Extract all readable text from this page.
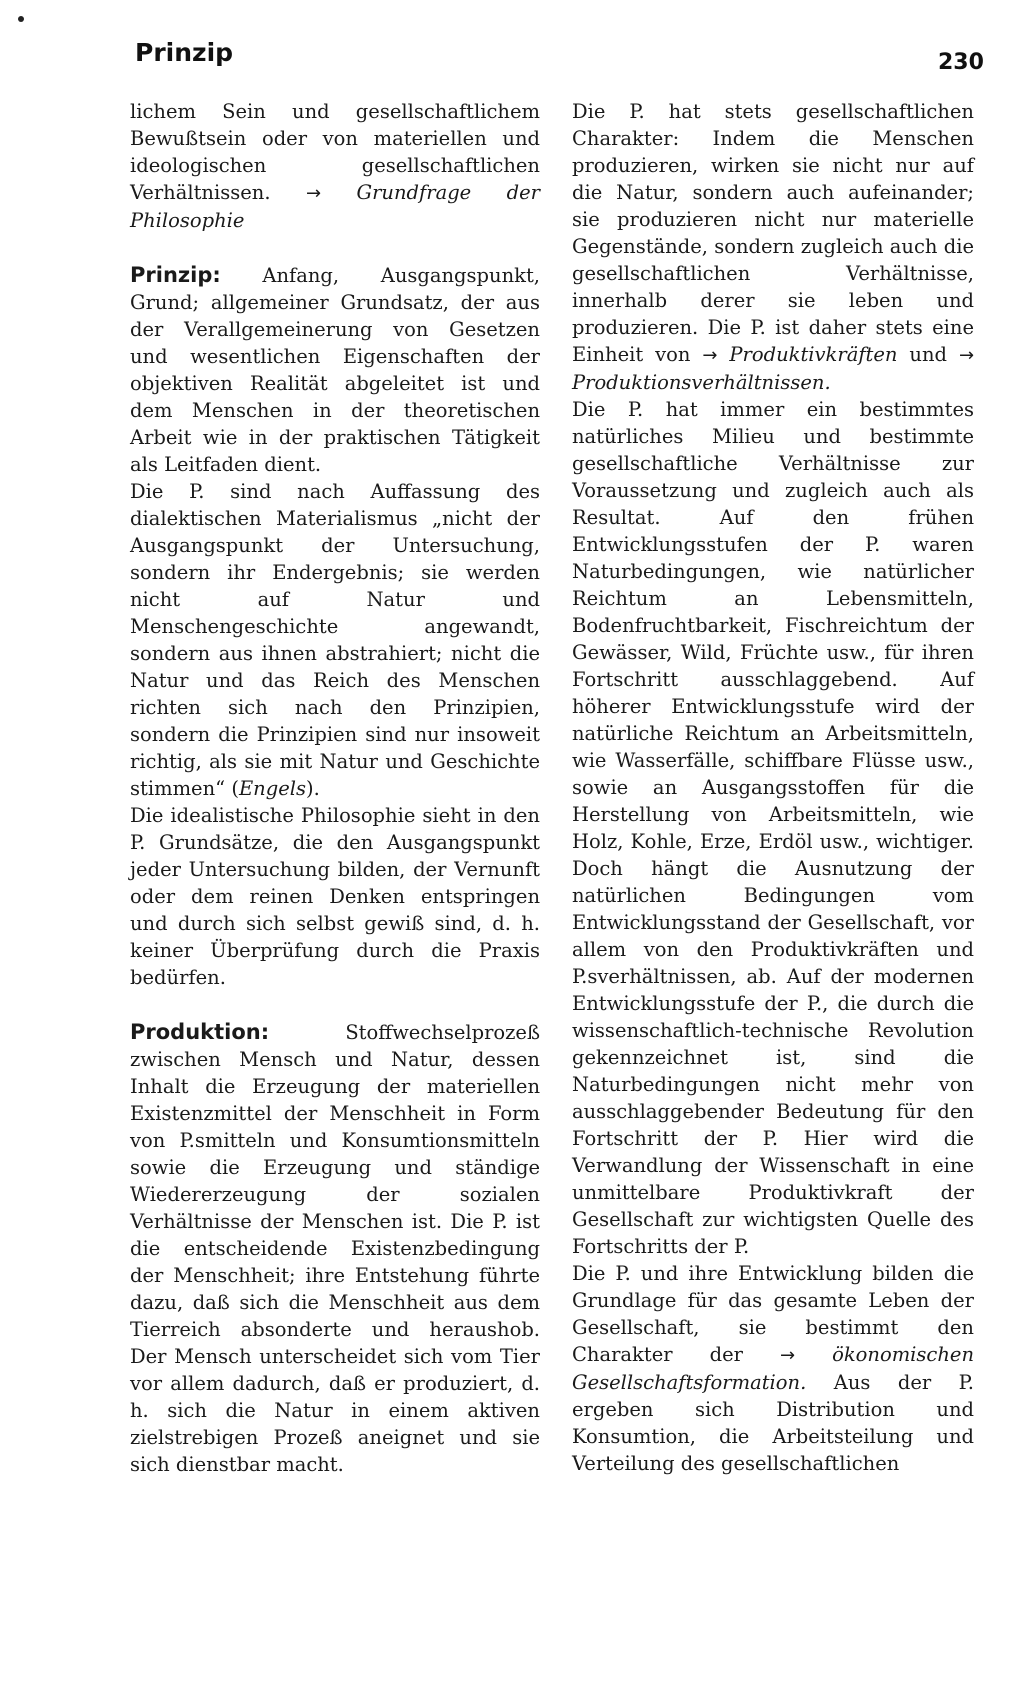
Prinzip	230

lichem Sein und gesellschaftlichem Bewußtsein oder von materiellen und ideologischen gesellschaftlichen Verhältnissen. → Grundfrage der Philosophie

Prinzip: Anfang, Ausgangspunkt, Grund; allgemeiner Grundsatz, der aus der Verallgemeinerung von Gesetzen und wesentlichen Eigenschaften der objektiven Realität abgeleitet ist und dem Menschen in der theoretischen Arbeit wie in der praktischen Tätigkeit als Leitfaden dient.

Die P. sind nach Auffassung des dialektischen Materialismus „nicht der Ausgangspunkt der Untersuchung, sondern ihr Endergebnis; sie werden nicht auf Natur und Menschengeschichte angewandt, sondern aus ihnen abstrahiert; nicht die Natur und das Reich des Menschen richten sich nach den Prinzipien, sondern die Prinzipien sind nur insoweit richtig, als sie mit Natur und Geschichte stimmen“ (Engels).

Die idealistische Philosophie sieht in den P. Grundsätze, die den Ausgangspunkt jeder Untersuchung bilden, der Vernunft oder dem reinen Denken entspringen und durch sich selbst gewiß sind, d. h. keiner Überprüfung durch die Praxis bedürfen.

Produktion:	Stoffwechselprozeß zwischen Mensch und Natur, dessen Inhalt die Erzeugung der materiellen Existenzmittel der Menschheit in Form von P.smitteln und Konsumtionsmitteln sowie die Erzeugung und ständige Wiedererzeugung der sozialen Verhältnisse der Menschen ist. Die P. ist die entscheidende Existenzbedingung der Menschheit; ihre Entstehung führte dazu, daß sich die Menschheit aus dem Tierreich absonderte und heraushob. Der Mensch unterscheidet sich vom Tier vor allem dadurch, daß er produziert, d. h. sich die Natur in einem aktiven zielstrebigen Prozeß aneignet und sie sich dienstbar macht.

Die P. hat stets gesellschaftlichen Charakter: Indem die Menschen produzieren, wirken sie nicht nur auf die Natur, sondern auch aufeinander; sie produzieren nicht nur materielle Gegenstände, sondern zugleich auch die gesellschaftlichen Verhältnisse, innerhalb derer sie leben und produzieren. Die P. ist daher stets eine Einheit von → Produktivkräften und → Produktionsverhältnissen.

Die P. hat immer ein bestimmtes natürliches Milieu und bestimmte gesellschaftliche Verhältnisse zur Voraussetzung und zugleich auch als Resultat. Auf den frühen Entwicklungsstufen der P. waren Naturbedingungen, wie natürlicher Reichtum an Lebensmitteln, Bodenfruchtbarkeit, Fischreichtum der Gewässer, Wild, Früchte usw., für ihren Fortschritt ausschlaggebend. Auf höherer Entwicklungsstufe wird der natürliche Reichtum an Arbeitsmitteln, wie Wasserfälle, schiffbare Flüsse usw., sowie an Ausgangsstoffen für die Herstellung von Arbeitsmitteln, wie Holz, Kohle, Erze, Erdöl usw., wichtiger. Doch hängt die Ausnutzung der natürlichen Bedingungen vom Entwicklungsstand der Gesellschaft, vor allem von den Produktivkräften und P.sverhältnissen, ab. Auf der modernen Entwicklungsstufe der P., die durch die wissenschaftlich-technische Revolution gekennzeichnet ist, sind die Naturbedingungen nicht mehr von ausschlaggebender Bedeutung für den Fortschritt der P. Hier wird die Verwandlung der Wissenschaft in eine unmittelbare Produktivkraft der Gesellschaft zur wichtigsten Quelle des Fortschritts der P.

Die P. und ihre Entwicklung bilden die Grundlage für das gesamte Leben der Gesellschaft, sie bestimmt den Charakter der → ökonomischen Gesellschaftsformation. Aus der P. ergeben sich Distribution und Konsumtion, die Arbeitsteilung und Verteilung des gesellschaftlichen
